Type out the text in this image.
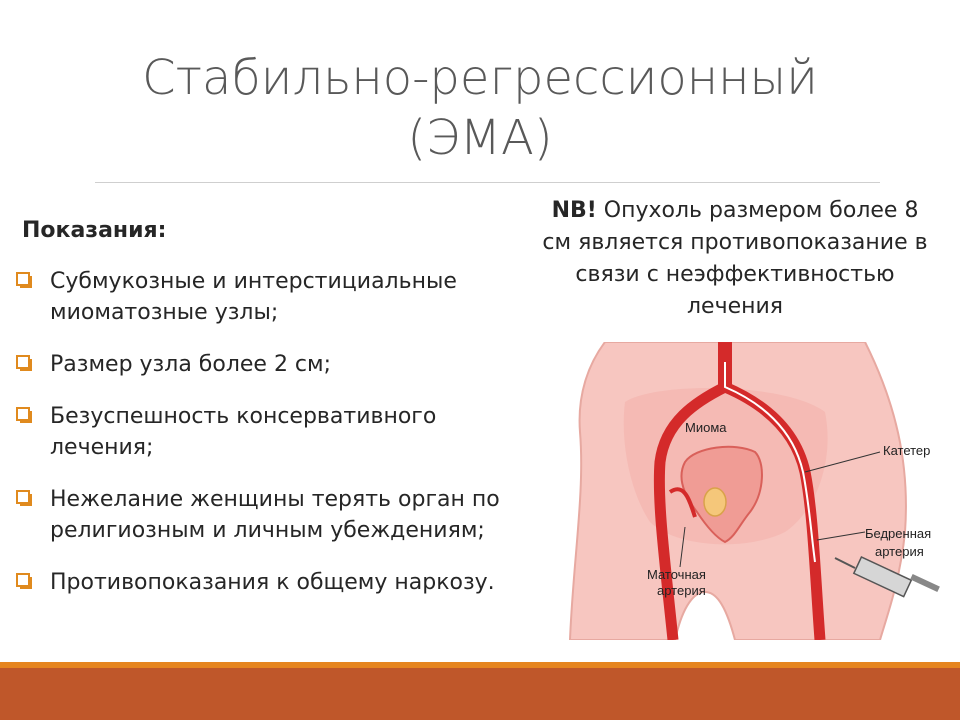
Стабильно-регрессионный
(ЭМА)
Показания:
Субмукозные и интерстициальные
миоматозные узлы;
Размер узла более 2 см;
Безуспешность консервативного
лечения;
Нежелание женщины терять орган по
религиозным и личным убеждениям;
Противопоказания к общему наркозу.
NB! Опухоль размером более 8
см является противопоказание в
связи с неэффективностью
лечения
Миома
Катетер
Бедренная
артерия
Маточная
артерия
